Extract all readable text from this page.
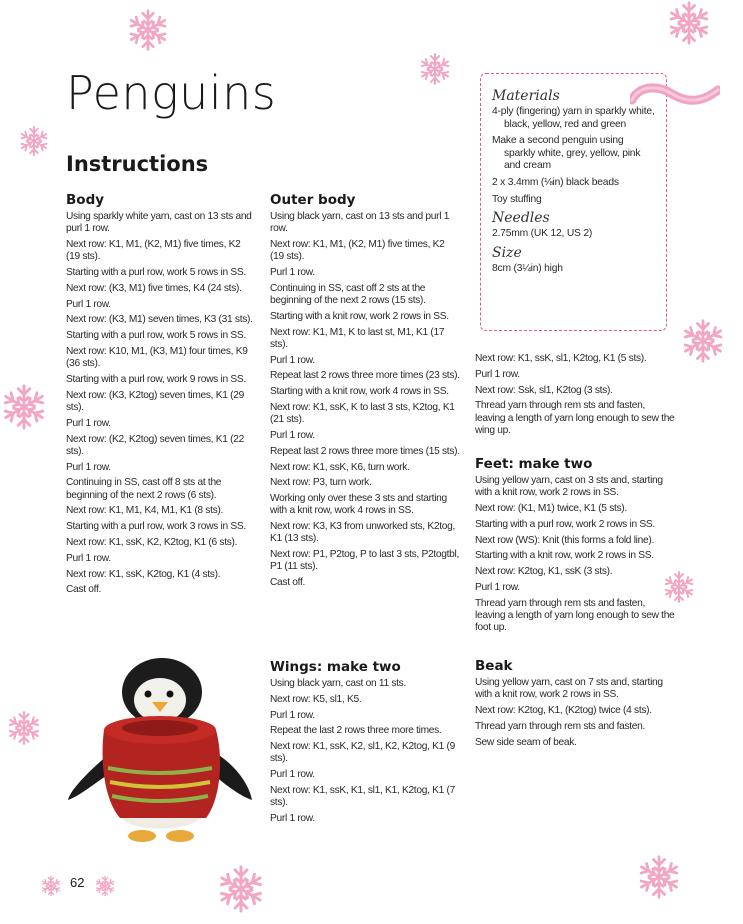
Penguins
Instructions
Body

Using sparkly white yarn, cast on 13 sts and purl 1 row.

Next row: K1, M1, (K2, M1) five times, K2 (19 sts).

Starting with a purl row, work 5 rows in SS.

Next row: (K3, M1) five times, K4 (24 sts).

Purl 1 row.

Next row: (K3, M1) seven times, K3 (31 sts).

Starting with a purl row, work 5 rows in SS.

Next row: K10, M1, (K3, M1) four times, K9 (36 sts).

Starting with a purl row, work 9 rows in SS.

Next row: (K3, K2tog) seven times, K1 (29 sts).

Purl 1 row.

Next row: (K2, K2tog) seven times, K1 (22 sts).

Purl 1 row.

Continuing in SS, cast off 8 sts at the beginning of the next 2 rows (6 sts).

Next row: K1, M1, K4, M1, K1 (8 sts).

Starting with a purl row, work 3 rows in SS.

Next row: K1, ssK, K2, K2tog, K1 (6 sts).

Purl 1 row.

Next row: K1, ssK, K2tog, K1 (4 sts).

Cast off.

Outer body

Using black yarn, cast on 13 sts and purl 1 row.

Next row: K1, M1, (K2, M1) five times, K2 (19 sts).

Purl 1 row.

Continuing in SS, cast off 2 sts at the beginning of the next 2 rows (15 sts).

Starting with a knit row, work 2 rows in SS.

Next row: K1, M1, K to last st, M1, K1 (17 sts).

Purl 1 row.

Repeat last 2 rows three more times (23 sts).

Starting with a knit row, work 4 rows in SS.

Next row: K1, ssK, K to last 3 sts, K2tog, K1 (21 sts).

Purl 1 row.

Repeat last 2 rows three more times (15 sts).

Next row: K1, ssK, K6, turn work.

Next row: P3, turn work.

Working only over these 3 sts and starting with a knit row, work 4 rows in SS.

Next row: K3, K3 from unworked sts, K2tog, K1 (13 sts).

Next row: P1, P2tog, P to last 3 sts, P2togtbl, P1 (11 sts).

Cast off.

Wings: make two

Using black yarn, cast on 11 sts.

Next row: K5, sl1, K5.

Purl 1 row.

Repeat the last 2 rows three more times.

Next row: K1, ssK, K2, sl1, K2, K2tog, K1 (9 sts).

Purl 1 row.

Next row: K1, ssK, K1, sl1, K1, K2tog, K1 (7 sts).

Purl 1 row.

Materials
4-ply (fingering) yarn in sparkly white, black, yellow, red and green
Make a second penguin using sparkly white, grey, yellow, pink and cream
2 x 3.4mm (⅛in) black beads
Toy stuffing
Needles
2.75mm (UK 12, US 2)
Size
8cm (3¼in) high

Next row: K1, ssK, sl1, K2tog, K1 (5 sts).

Purl 1 row.

Next row: Ssk, sl1, K2tog (3 sts).

Thread yarn through rem sts and fasten, leaving a length of yarn long enough to sew the wing up.

Feet: make two

Using yellow yarn, cast on 3 sts and, starting with a knit row, work 2 rows in SS.

Next row: (K1, M1) twice, K1 (5 sts).

Starting with a purl row, work 2 rows in SS.

Next row (WS): Knit (this forms a fold line).

Starting with a knit row, work 2 rows in SS.

Next row: K2tog, K1, ssK (3 sts).

Purl 1 row.

Thread yarn through rem sts and fasten, leaving a length of yarn long enough to sew the foot up.

Beak

Using yellow yarn, cast on 7 sts and, starting with a knit row, work 2 rows in SS.

Next row: K2tog, K1, (K2tog) twice (4 sts).

Thread yarn through rem sts and fasten.

Sew side seam of beak.

62
